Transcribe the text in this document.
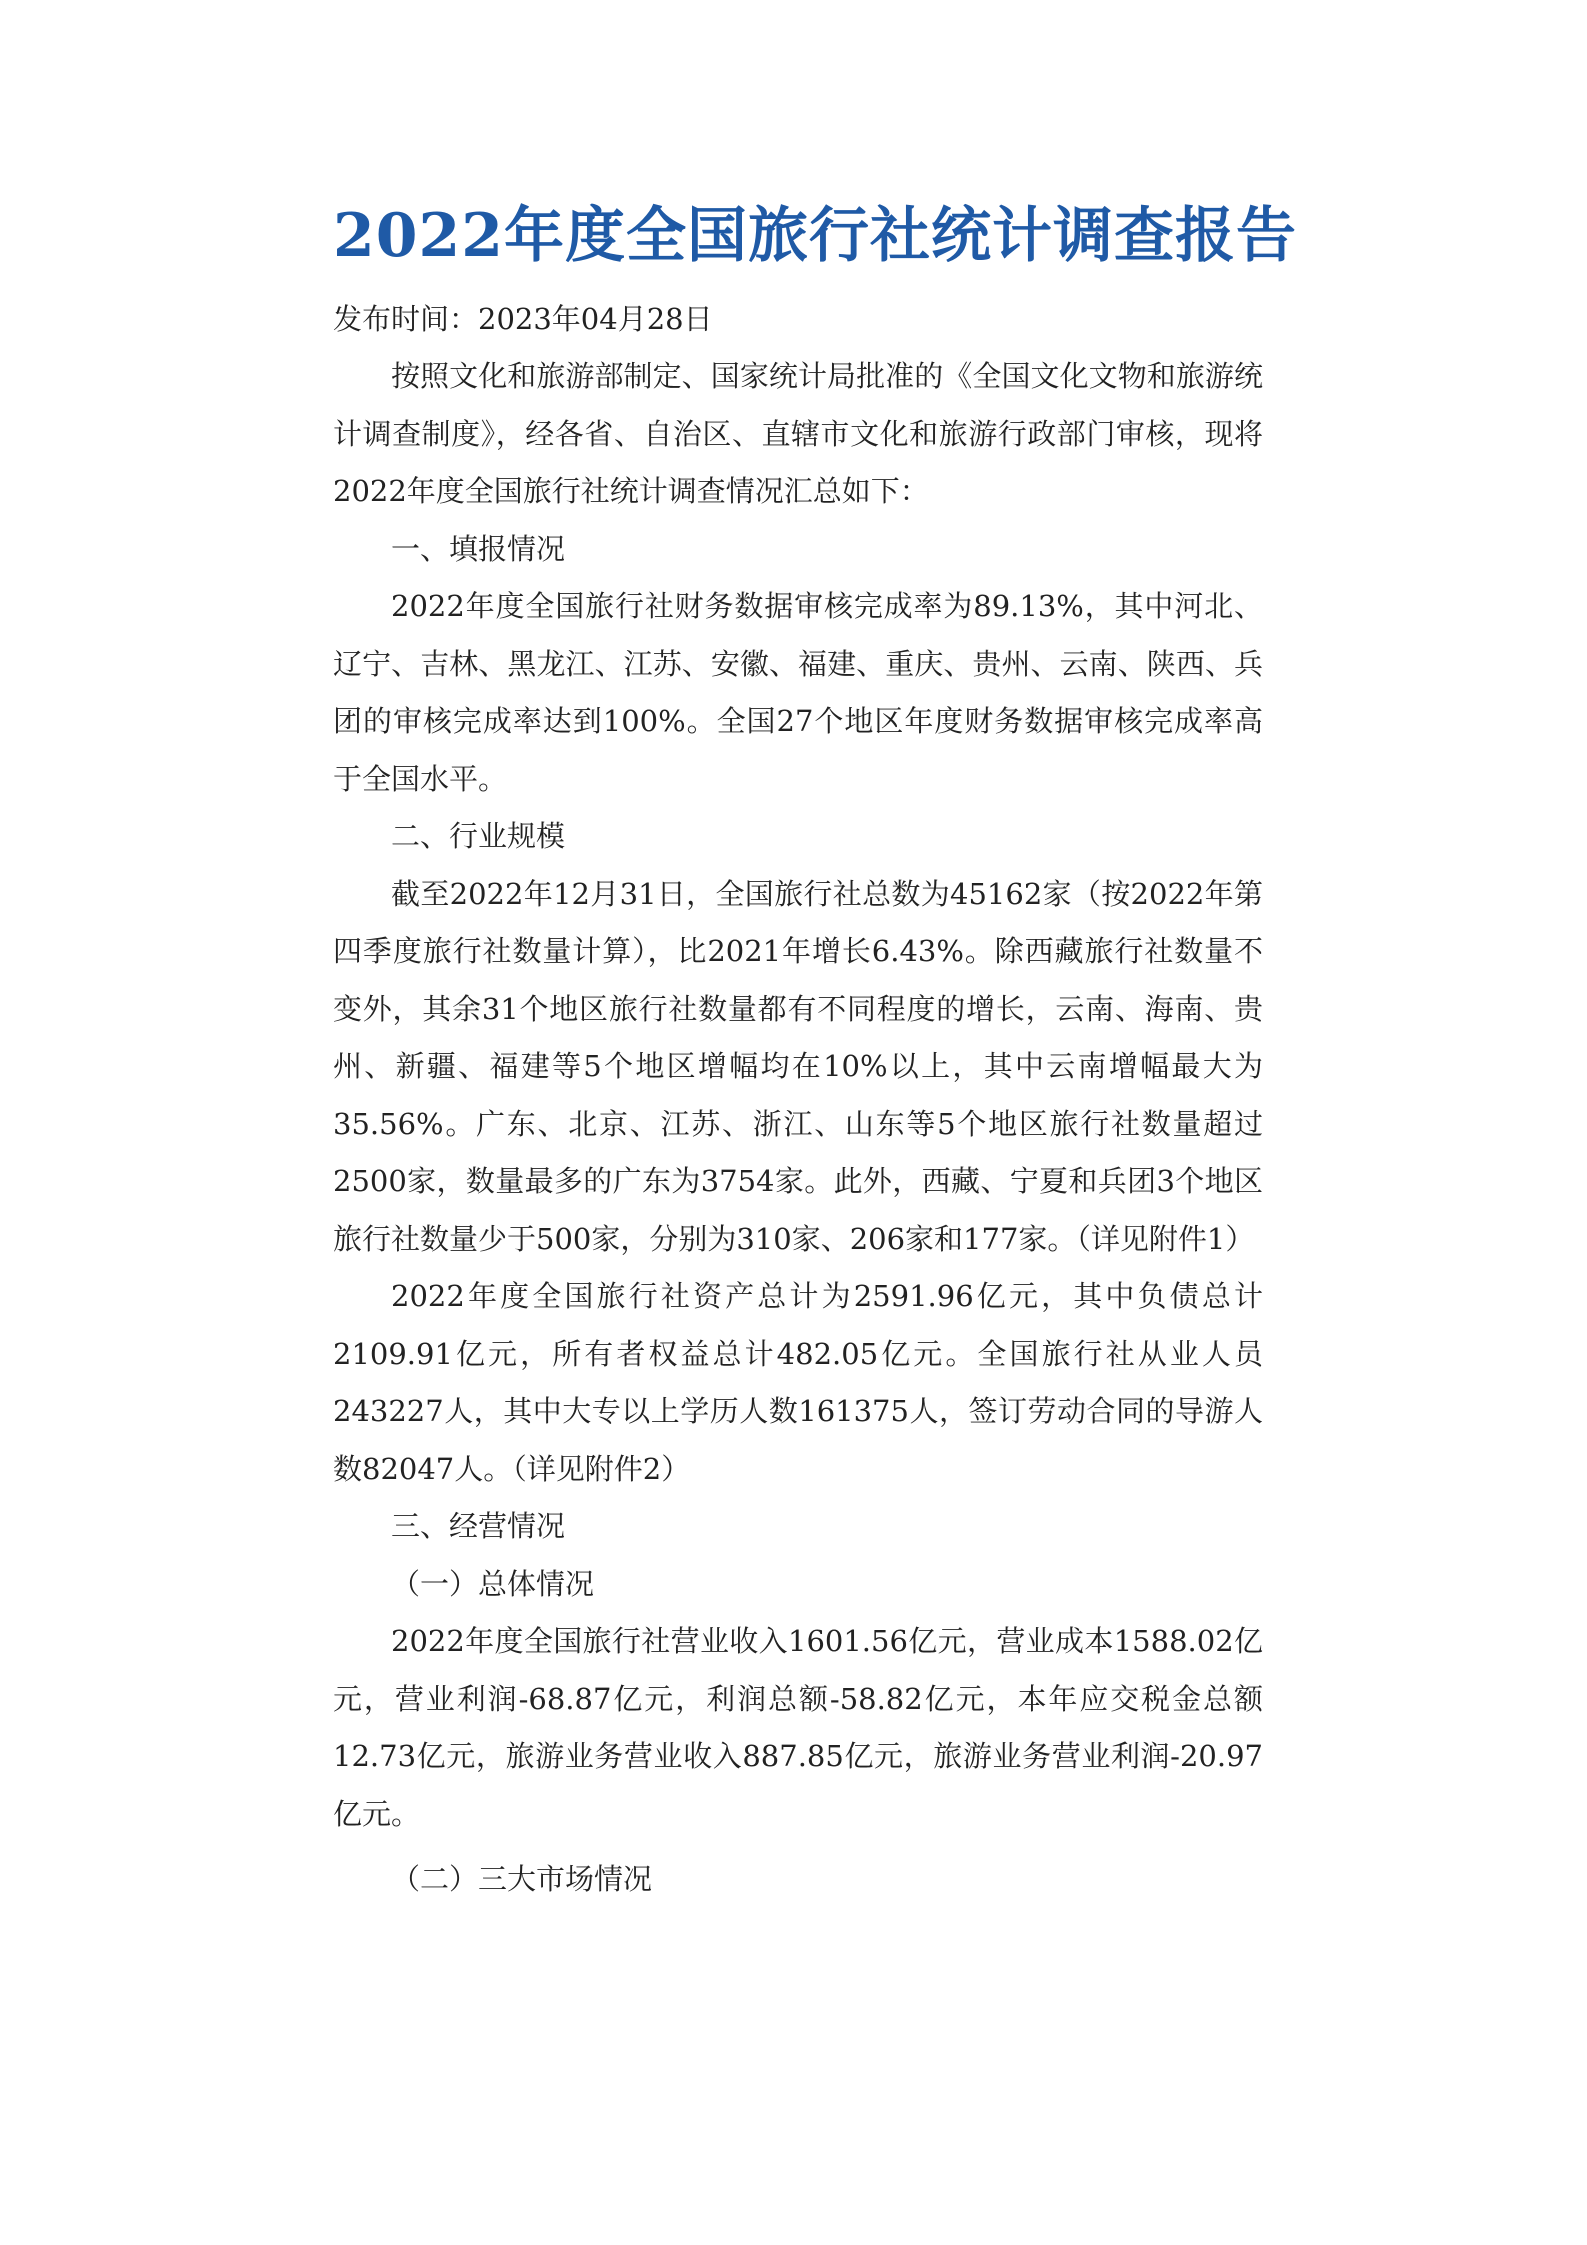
2022年度全国旅行社统计调查报告

发布时间：2023年04月28日

按照文化和旅游部制定、国家统计局批准的《全国文化文物和旅游统计调查制度》，经各省、自治区、直辖市文化和旅游行政部门审核，现将2022年度全国旅行社统计调查情况汇总如下：

一、填报情况

2022年度全国旅行社财务数据审核完成率为89.13%，其中河北、辽宁、吉林、黑龙江、江苏、安徽、福建、重庆、贵州、云南、陕西、兵团的审核完成率达到100%。全国27个地区年度财务数据审核完成率高于全国水平。

二、行业规模

截至2022年12月31日，全国旅行社总数为45162家（按2022年第四季度旅行社数量计算），比2021年增长6.43%。除西藏旅行社数量不变外，其余31个地区旅行社数量都有不同程度的增长，云南、海南、贵州、新疆、福建等5个地区增幅均在10%以上，其中云南增幅最大为35.56%。广东、北京、江苏、浙江、山东等5个地区旅行社数量超过2500家，数量最多的广东为3754家。此外，西藏、宁夏和兵团3个地区旅行社数量少于500家，分别为310家、206家和177家。（详见附件1）

2022年度全国旅行社资产总计为2591.96亿元，其中负债总计2109.91亿元，所有者权益总计482.05亿元。全国旅行社从业人员243227人，其中大专以上学历人数161375人，签订劳动合同的导游人数82047人。（详见附件2）

三、经营情况

（一）总体情况

2022年度全国旅行社营业收入1601.56亿元，营业成本1588.02亿元，营业利润-68.87亿元，利润总额-58.82亿元，本年应交税金总额12.73亿元，旅游业务营业收入887.85亿元，旅游业务营业利润-20.97亿元。

（二）三大市场情况
